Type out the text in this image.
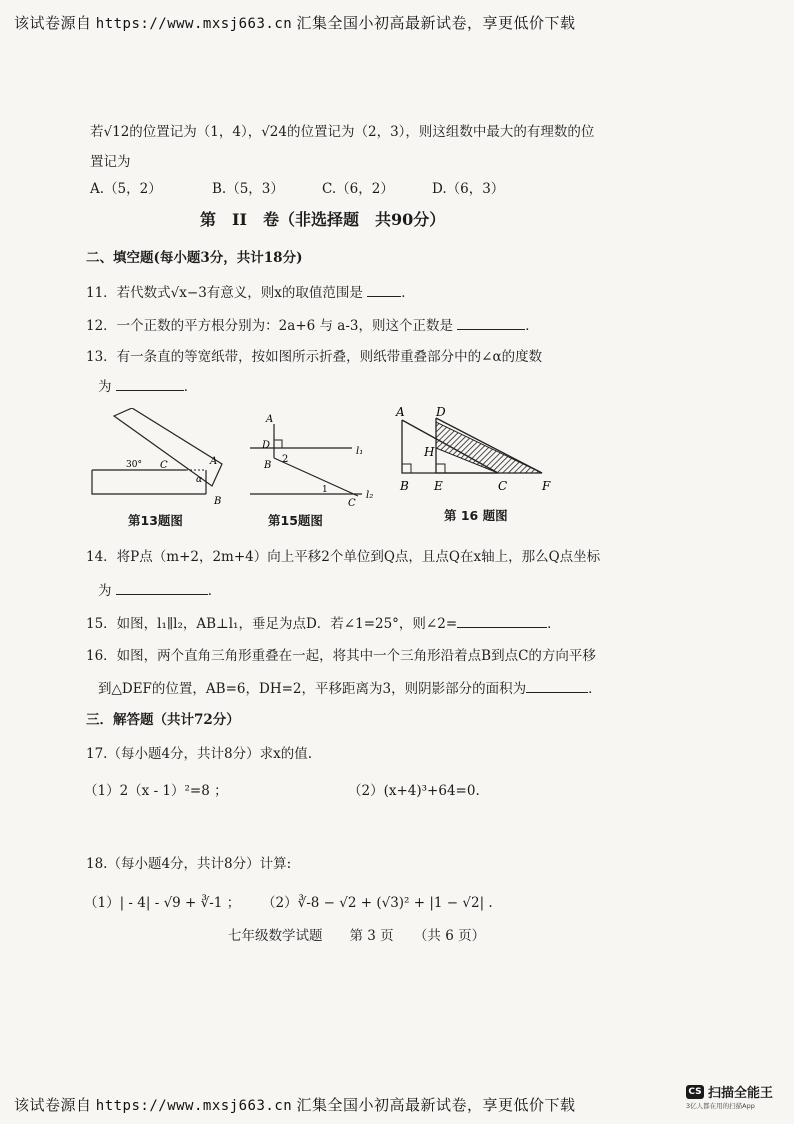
该试卷源自 https://www.mxsj663.cn 汇集全国小初高最新试卷，享更低价下载
若√12的位置记为（1，4），√24的位置记为（2，3），则这组数中最大的有理数的位
置记为
A.（5，2）	B.（5，3）	C.（6，2）	D.（6，3）
第　II　卷（非选择题　共90分）
二、填空题(每小题3分，共计18分)
11．若代数式√x−3有意义，则x的取值范围是	．
12．一个正数的平方根分别为：2a+6 与 a-3，则这个正数是	．
13．有一条直的等宽纸带，按如图所示折叠，则纸带重叠部分中的∠α的度数
为	．
30° C	A
α
B
第13题图
A
D
2
B
l₁
1
C
l₂
第15题图
A	D
H
B E	C	F
第 16 题图
14．将P点（m+2，2m+4）向上平移2个单位到Q点，且点Q在x轴上，那么Q点坐标
为	．
15．如图，l₁∥l₂，AB⊥l₁，垂足为点D．若∠1=25°，则∠2=	．
16．如图，两个直角三角形重叠在一起，将其中一个三角形沿着点B到点C的方向平移
到△DEF的位置，AB=6，DH=2，平移距离为3，则阴影部分的面积为	．
三．解答题（共计72分）
17.（每小题4分，共计8分）求x的值.
（1）2（x - 1）²=8 ；	（2）(x+4)³+64=0.
18.（每小题4分，共计8分）计算:
（1）| - 4| - √9 + ∛-1 ； （2）∛-8 − √2 + (√3)² + |1 − √2| .
七年级数学试题　　第 3 页　　（共 6 页）
该试卷源自 https://www.mxsj663.cn 汇集全国小初高最新试卷，享更低价下载
CS 扫描全能王
3亿人都在用的扫描App
